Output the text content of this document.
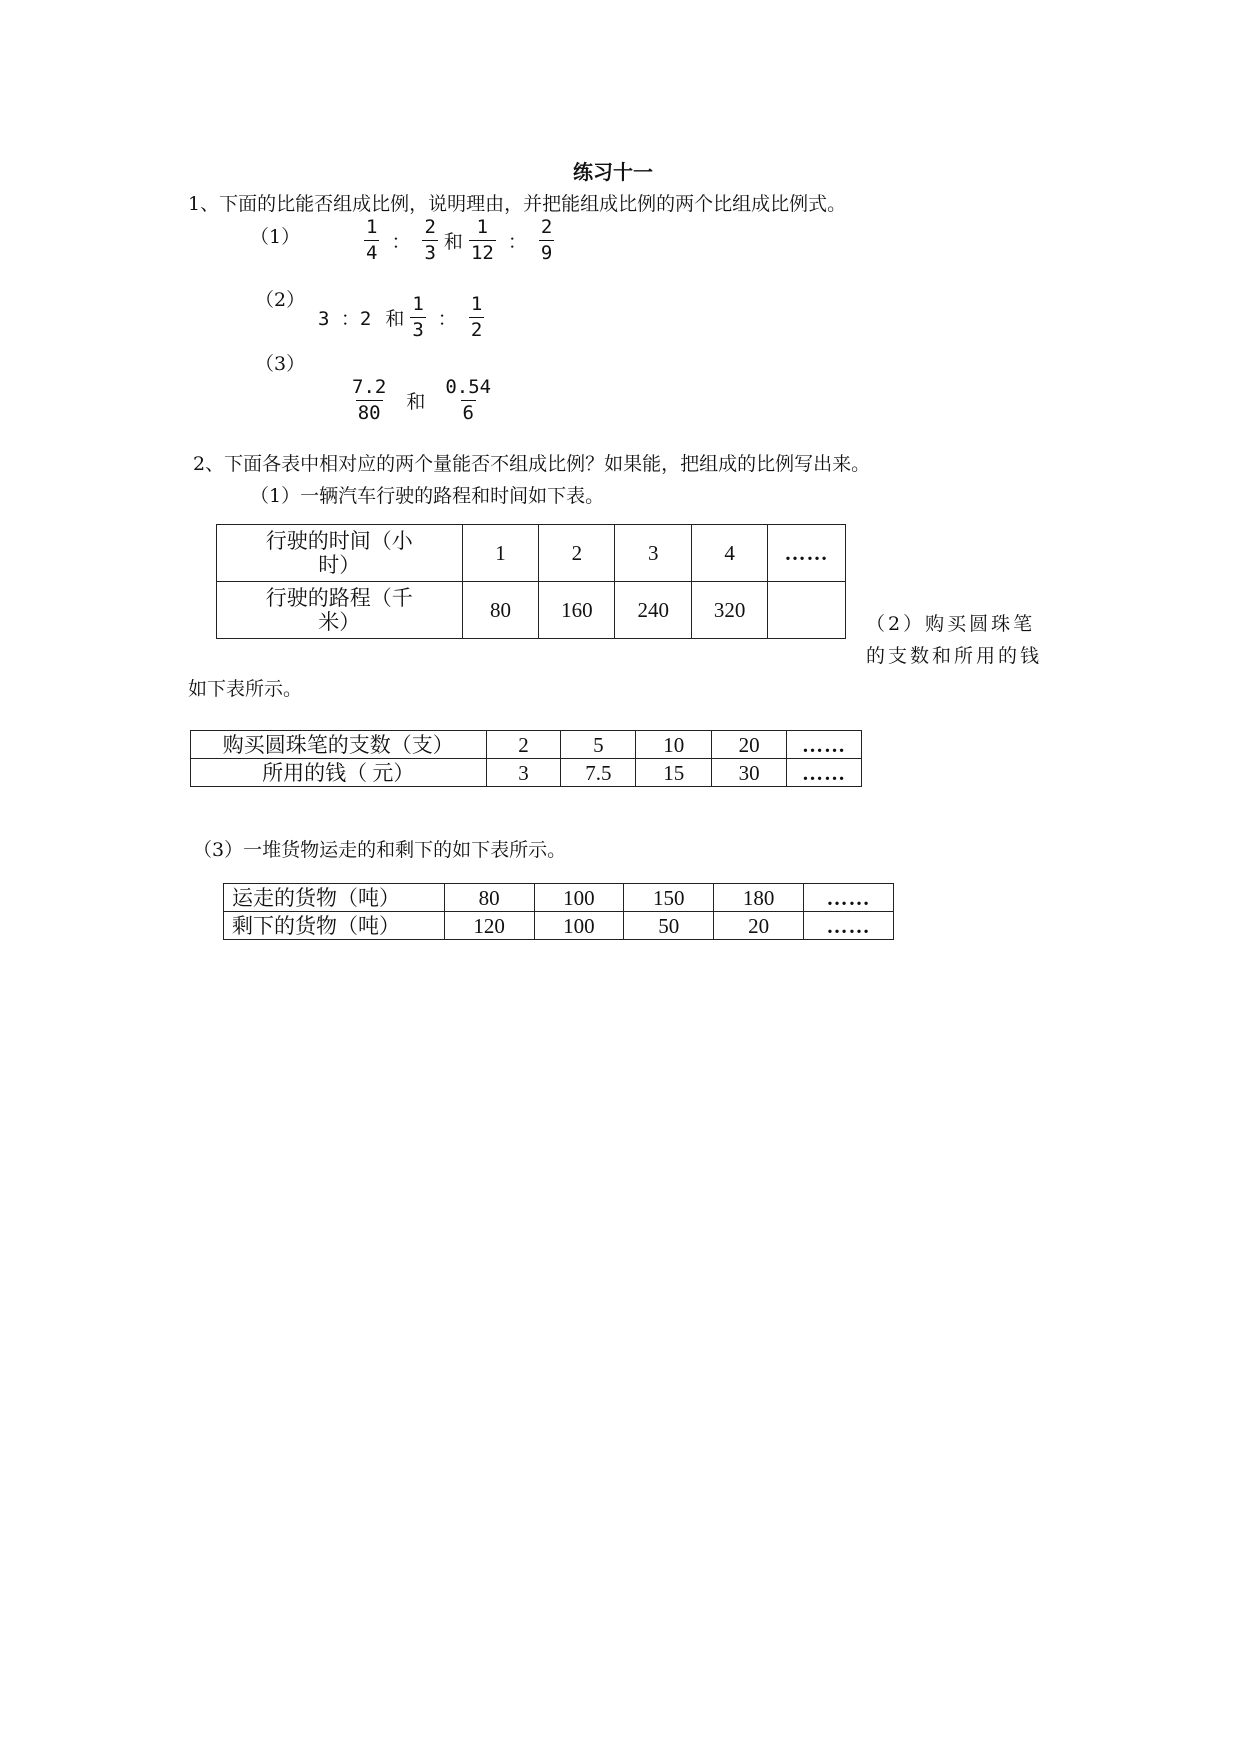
练习十一
1、下面的比能否组成比例，说明理由，并把能组成比例的两个比组成比例式。
（1）	$\frac{1}{4}$ ： $\frac{2}{3}$ 和 $\frac{1}{12}$ ： $\frac{2}{9}$
（2）
3 ：2 和 $\frac{1}{3}$ ： $\frac{1}{2}$
（3）
$\frac{7.2}{80}$ 和 $\frac{0.54}{6}$
2、下面各表中相对应的两个量能否不组成比例？如果能，把组成的比例写出来。
（1）一辆汽车行驶的路程和时间如下表。
行驶的时间（小
时）	1	2	3	4	……
行驶的路程（千
米）	80	160	240	320	
（2）购买圆珠笔
的支数和所用的钱
如下表所示。
购买圆珠笔的支数（支）	2	5	10	20	……
所用的钱（ 元）	3	7.5	15	30	……
（3）一堆货物运走的和剩下的如下表所示。
运走的货物（吨）	80	100	150	180	……
剩下的货物（吨）	120	100	50	20	……
